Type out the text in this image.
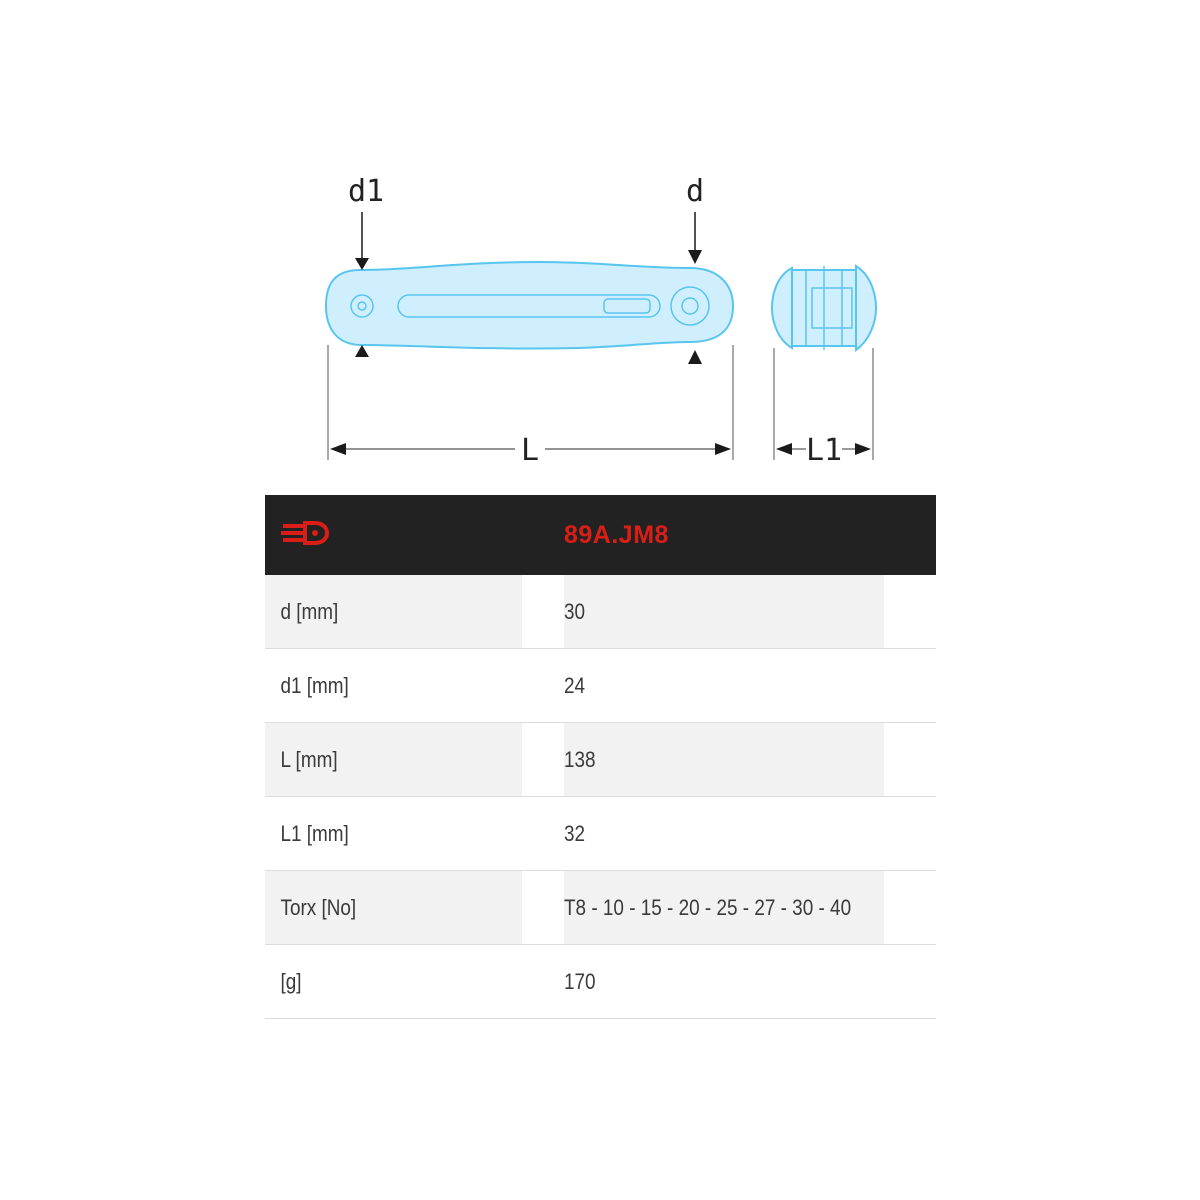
d1	d
L	L1
	89A.JM8
d [mm]	30
d1 [mm]	24
L [mm]	138
L1 [mm]	32
Torx [No]	T8 - 10 - 15 - 20 - 25 - 27 - 30 - 40
[g]	170
